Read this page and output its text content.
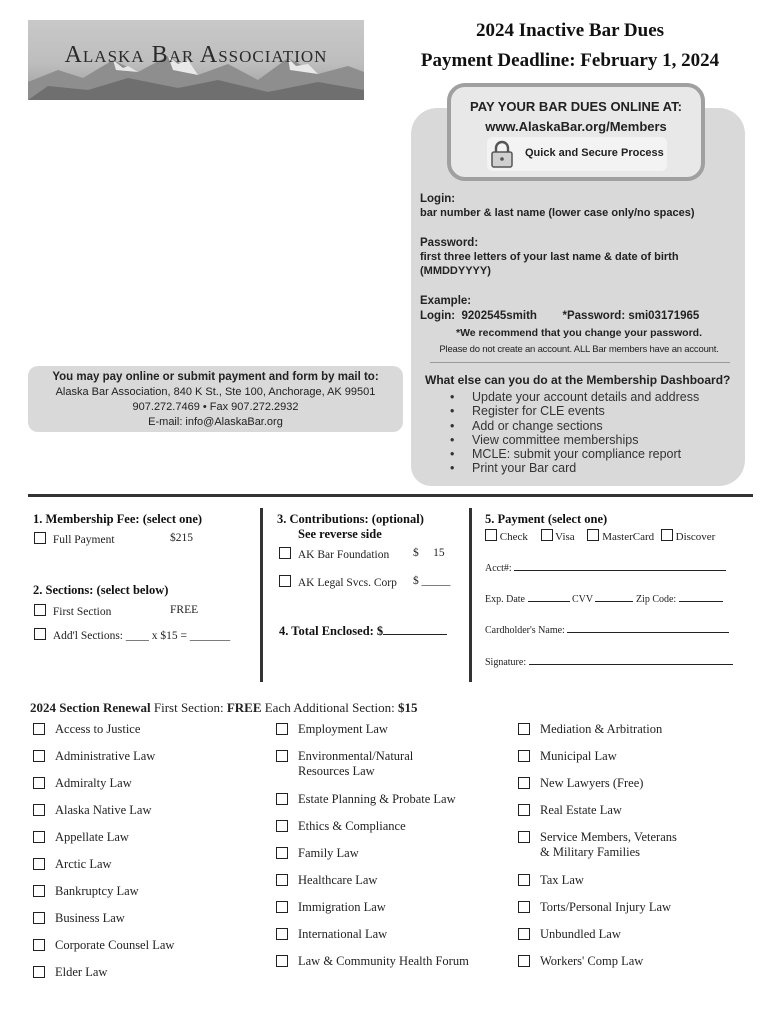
Alaska Bar Association
2024 Inactive Bar Dues
Payment Deadline: February 1, 2024
PAY YOUR BAR DUES ONLINE AT:
www.AlaskaBar.org/Members
Quick and Secure Process
Login:
bar number & last name (lower case only/no spaces)
Password:
first three letters of your last name & date of birth
(MMDDYYYY)
Example:
Login:  9202545smith        *Password: smi03171965
*We recommend that you change your password.
Please do not create an account. ALL Bar members have an account.
What else can you do at the Membership Dashboard?
• Update your account details and address
• Register for CLE events
• Add or change sections
• View committee memberships
• MCLE: submit your compliance report
• Print your Bar card
You may pay online or submit payment and form by mail to:
Alaska Bar Association, 840 K St., Ste 100, Anchorage, AK 99501
907.272.7469 • Fax 907.272.2932
E-mail: info@AlaskaBar.org
1. Membership Fee: (select one)
Full Payment	$215
2. Sections: (select below)
First Section	FREE
Add'l Sections: ____ x $15 = _______
3. Contributions: (optional)
See reverse side
AK Bar Foundation $     15
AK Legal Svcs. Corp $ _____
4. Total Enclosed: $
5. Payment (select one)
Check Visa	MasterCard Discover
Acct#:
Exp. Date	CVV	Zip Code:
Cardholder's Name:
Signature:
2024 Section Renewal First Section: FREE Each Additional Section: $15
Access to Justice
Administrative Law
Admiralty Law
Alaska Native Law
Appellate Law
Arctic Law
Bankruptcy Law
Business Law
Corporate Counsel Law
Elder Law
Employment Law
Environmental/Natural
Resources Law
Estate Planning & Probate Law
Ethics & Compliance
Family Law
Healthcare Law
Immigration Law
International Law
Law & Community Health Forum
Mediation & Arbitration
Municipal Law
New Lawyers (Free)
Real Estate Law
Service Members, Veterans
& Military Families
Tax Law
Torts/Personal Injury Law
Unbundled Law
Workers' Comp Law
